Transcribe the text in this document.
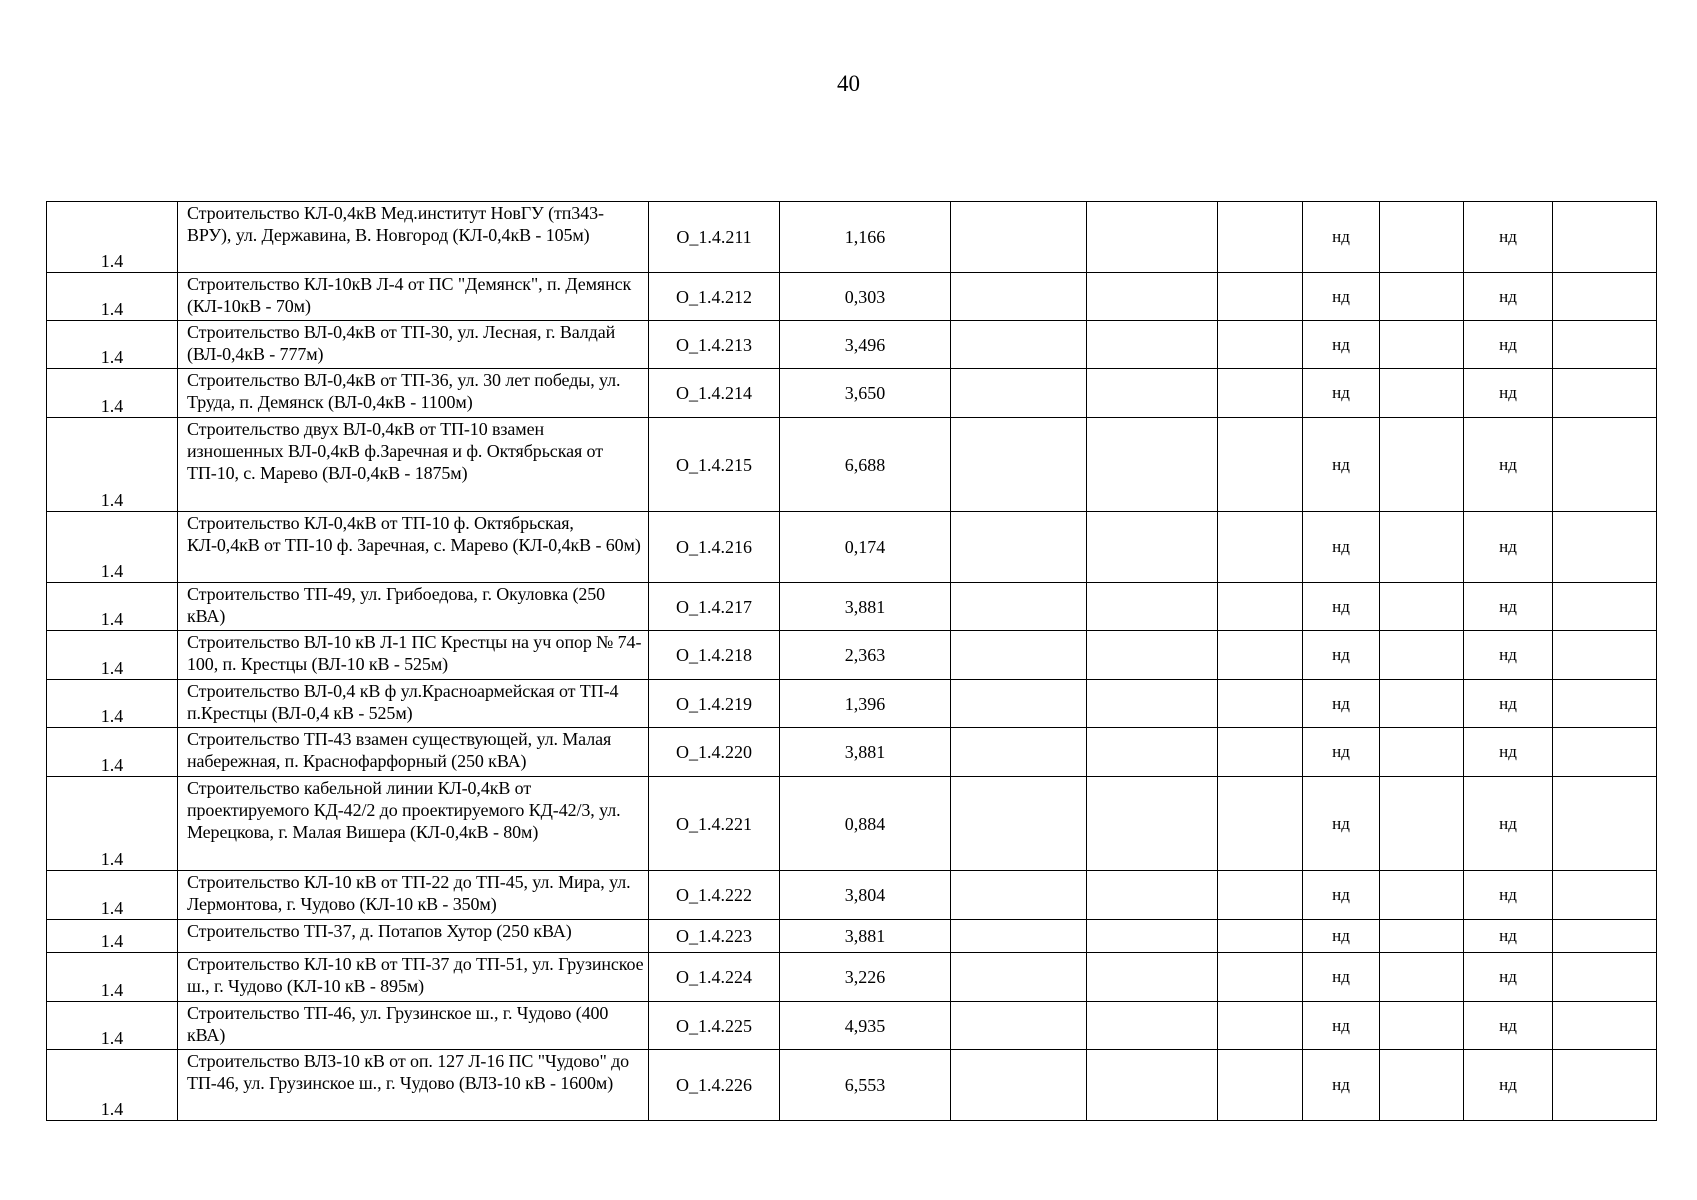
40
1.4	Строительство КЛ-0,4кВ Мед.институт НовГУ (тп343-ВРУ), ул. Державина, В. Новгород (КЛ-0,4кВ - 105м)	О_1.4.211	1,166				нд		нд	
1.4	Строительство КЛ-10кВ Л-4 от ПС "Демянск", п. Демянск (КЛ-10кВ - 70м)	О_1.4.212	0,303				нд		нд	
1.4	Строительство ВЛ-0,4кВ от ТП-30, ул. Лесная, г. Валдай (ВЛ-0,4кВ - 777м)	О_1.4.213	3,496				нд		нд	
1.4	Строительство ВЛ-0,4кВ от ТП-36, ул. 30 лет победы, ул. Труда, п. Демянск (ВЛ-0,4кВ - 1100м)	О_1.4.214	3,650				нд		нд	
1.4	Строительство двух ВЛ-0,4кВ от ТП-10 взамен изношенных ВЛ-0,4кВ ф.Заречная и ф. Октябрьская от ТП-10, с. Марево (ВЛ-0,4кВ - 1875м)	О_1.4.215	6,688				нд		нд	
1.4	Строительство КЛ-0,4кВ от ТП-10 ф. Октябрьская, КЛ-0,4кВ от ТП-10 ф. Заречная, с. Марево (КЛ-0,4кВ - 60м)	О_1.4.216	0,174				нд		нд	
1.4	Строительство ТП-49, ул. Грибоедова, г. Окуловка (250 кВА)	О_1.4.217	3,881				нд		нд	
1.4	Строительство ВЛ-10 кВ Л-1 ПС Крестцы на уч опор № 74-100, п. Крестцы (ВЛ-10 кВ - 525м)	О_1.4.218	2,363				нд		нд	
1.4	Строительство ВЛ-0,4 кВ ф ул.Красноармейская от ТП-4 п.Крестцы (ВЛ-0,4 кВ - 525м)	О_1.4.219	1,396				нд		нд	
1.4	Строительство ТП-43 взамен существующей, ул. Малая набережная, п. Краснофарфорный (250 кВА)	О_1.4.220	3,881				нд		нд	
1.4	Строительство кабельной линии КЛ-0,4кВ от проектируемого КД-42/2 до проектируемого КД-42/3, ул. Мерецкова, г. Малая Вишера (КЛ-0,4кВ - 80м)	О_1.4.221	0,884				нд		нд	
1.4	Строительство КЛ-10 кВ от ТП-22 до ТП-45, ул. Мира, ул. Лермонтова, г. Чудово (КЛ-10 кВ - 350м)	О_1.4.222	3,804				нд		нд	
1.4	Строительство ТП-37, д. Потапов Хутор (250 кВА)	О_1.4.223	3,881				нд		нд	
1.4	Строительство КЛ-10 кВ от ТП-37 до ТП-51, ул. Грузинское ш., г. Чудово (КЛ-10 кВ - 895м)	О_1.4.224	3,226				нд		нд	
1.4	Строительство ТП-46, ул. Грузинское ш., г. Чудово (400 кВА)	О_1.4.225	4,935				нд		нд	
1.4	Строительство ВЛЗ-10 кВ от оп. 127 Л-16 ПС "Чудово" до ТП-46, ул. Грузинское ш., г. Чудово (ВЛЗ-10 кВ - 1600м)	О_1.4.226	6,553				нд		нд	
